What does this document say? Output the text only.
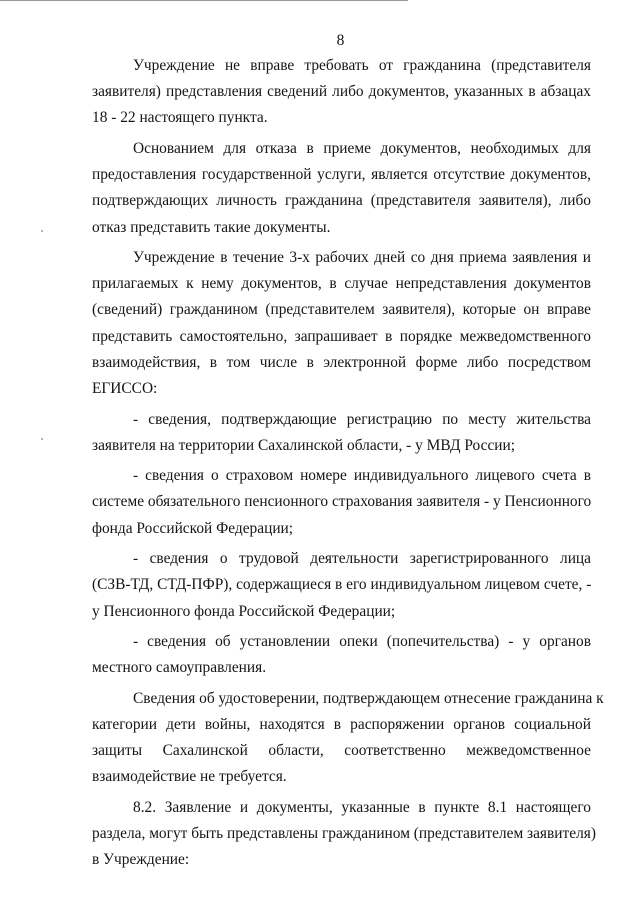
8

Учреждение не вправе требовать от гражданина (представителя
заявителя) представления сведений либо документов, указанных в абзацах
18 - 22 настоящего пункта.

Основанием для отказа в приеме документов, необходимых для
предоставления государственной услуги, является отсутствие документов,
подтверждающих личность гражданина (представителя заявителя), либо
отказ представить такие документы.

Учреждение в течение 3-х рабочих дней со дня приема заявления и
прилагаемых к нему документов, в случае непредставления документов
(сведений) гражданином (представителем заявителя), которые он вправе
представить самостоятельно, запрашивает в порядке межведомственного
взаимодействия, в том числе в электронной форме либо посредством
ЕГИССО:

- сведения, подтверждающие регистрацию по месту жительства
заявителя на территории Сахалинской области, - у МВД России;

- сведения о страховом номере индивидуального лицевого счета в
системе обязательного пенсионного страхования заявителя - у Пенсионного
фонда Российской Федерации;

- сведения о трудовой деятельности зарегистрированного лица
(СЗВ-ТД, СТД-ПФР), содержащиеся в его индивидуальном лицевом счете, -
у Пенсионного фонда Российской Федерации;

- сведения об установлении опеки (попечительства) - у органов
местного самоуправления.

Сведения об удостоверении, подтверждающем отнесение гражданина к
категории дети войны, находятся в распоряжении органов социальной
защиты Сахалинской области, соответственно межведомственное
взаимодействие не требуется.

8.2. Заявление и документы, указанные в пункте 8.1 настоящего
раздела, могут быть представлены гражданином (представителем заявителя)
в Учреждение:
